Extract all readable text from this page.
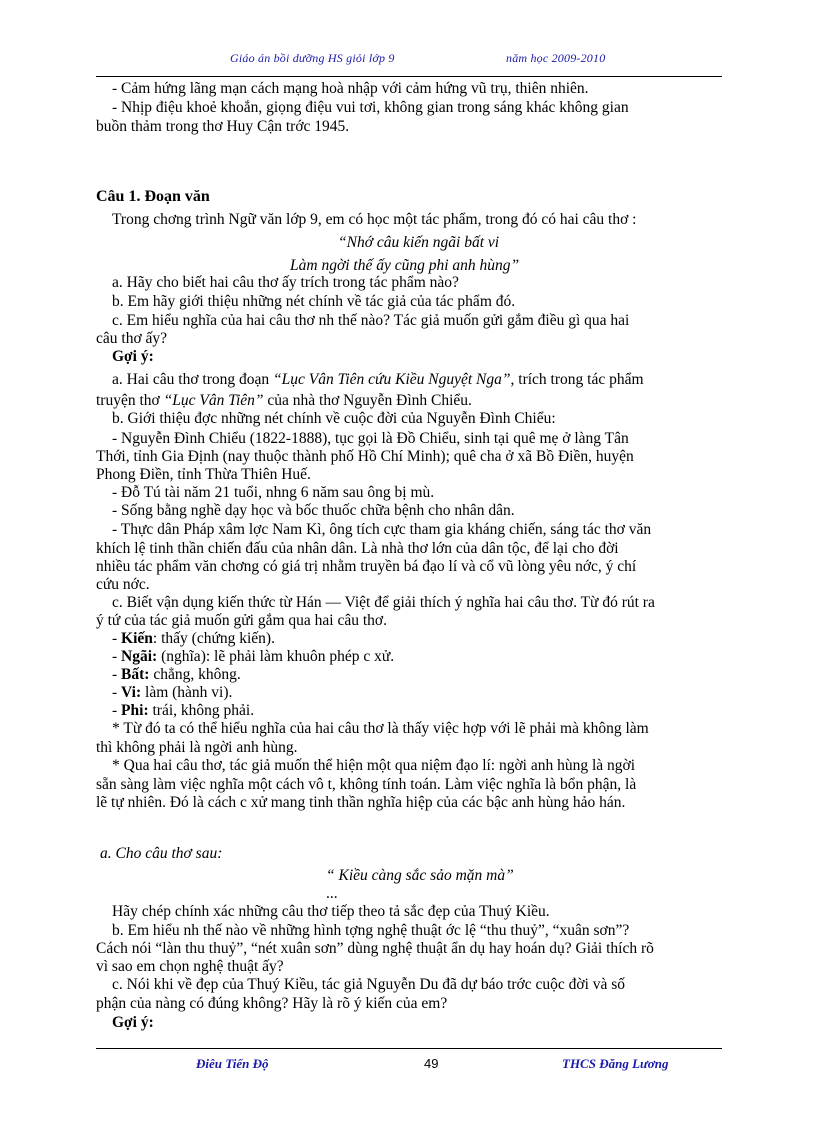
Giáo án bồi dưỡng HS giỏi lớp 9	năm học 2009-2010
- Cảm hứng lãng mạn cách mạng hoà nhập với cảm hứng vũ trụ, thiên nhiên.
- Nhịp điệu khoẻ khoắn, giọng điệu vui tơi, không gian trong sáng khác không gian
buồn thảm trong thơ Huy Cận trớc 1945.
Câu 1. Đoạn văn
Trong chơng trình Ngữ văn lớp 9, em có học một tác phẩm, trong đó có hai câu thơ :
“Nhớ câu kiến ngãi bất vi
Làm ngời thế ấy cũng phi anh hùng”
a. Hãy cho biết hai câu thơ ấy trích trong tác phẩm nào?
b. Em hãy giới thiệu những nét chính về tác giả của tác phẩm đó.
c. Em hiểu nghĩa của hai câu thơ nh thế nào? Tác giả muốn gửi gắm điều gì qua hai
câu thơ ấy?
Gợi ý:
a. Hai câu thơ trong đoạn “Lục Vân Tiên cứu Kiều Nguyệt Nga”, trích trong tác phẩm
truyện thơ “Lục Vân Tiên” của nhà thơ Nguyễn Đình Chiểu.
b. Giới thiệu đợc những nét chính về cuộc đời của Nguyễn Đình Chiểu:
- Nguyễn Đình Chiểu (1822-1888), tục gọi là Đồ Chiểu, sinh tại quê mẹ ở làng Tân
Thới, tỉnh Gia Định (nay thuộc thành phố Hồ Chí Minh); quê cha ở xã Bồ Điền, huyện
Phong Điền, tỉnh Thừa Thiên Huế.
- Đỗ Tú tài năm 21 tuổi, nhng 6 năm sau ông bị mù.
- Sống bằng nghề dạy học và bốc thuốc chữa bệnh cho nhân dân.
- Thực dân Pháp xâm lợc Nam Kì, ông tích cực tham gia kháng chiến, sáng tác thơ văn
khích lệ tinh thần chiến đấu của nhân dân. Là nhà thơ lớn của dân tộc, để lại cho đời
nhiều tác phẩm văn chơng có giá trị nhằm truyền bá đạo lí và cổ vũ lòng yêu nớc, ý chí
cứu nớc.
c. Biết vận dụng kiến thức từ Hán — Việt để giải thích ý nghĩa hai câu thơ. Từ đó rút ra
ý tứ của tác giả muốn gửi gắm qua hai câu thơ.
- Kiến: thấy (chứng kiến).
- Ngãi: (nghĩa): lẽ phải làm khuôn phép c xử.
- Bất: chẳng, không.
- Vi: làm (hành vi).
- Phi: trái, không phải.
* Từ đó ta có thể hiểu nghĩa của hai câu thơ là thấy việc hợp với lẽ phải mà không làm
thì không phải là ngời anh hùng.
* Qua hai câu thơ, tác giả muốn thể hiện một qua niệm đạo lí: ngời anh hùng là ngời
sẵn sàng làm việc nghĩa một cách vô t, không tính toán. Làm việc nghĩa là bổn phận, là
lẽ tự nhiên. Đó là cách c xử mang tinh thần nghĩa hiệp của các bậc anh hùng hảo hán.
a. Cho câu thơ sau:
“ Kiều càng sắc sảo mặn mà”
...
Hãy chép chính xác những câu thơ tiếp theo tả sắc đẹp của Thuý Kiều.
b. Em hiểu nh thế nào về những hình tợng nghệ thuật ớc lệ “thu thuỷ”, “xuân sơn”?
Cách nói “làn thu thuỷ”, “nét xuân sơn” dùng nghệ thuật ẩn dụ hay hoán dụ? Giải thích rõ
vì sao em chọn nghệ thuật ấy?
c. Nói khi về đẹp của Thuý Kiều, tác giả Nguyễn Du đã dự báo trớc cuộc đời và số
phận của nàng có đúng không? Hãy là rõ ý kiến của em?
Gợi ý:
Điêu Tiến Độ	49	THCS Đăng Lương
